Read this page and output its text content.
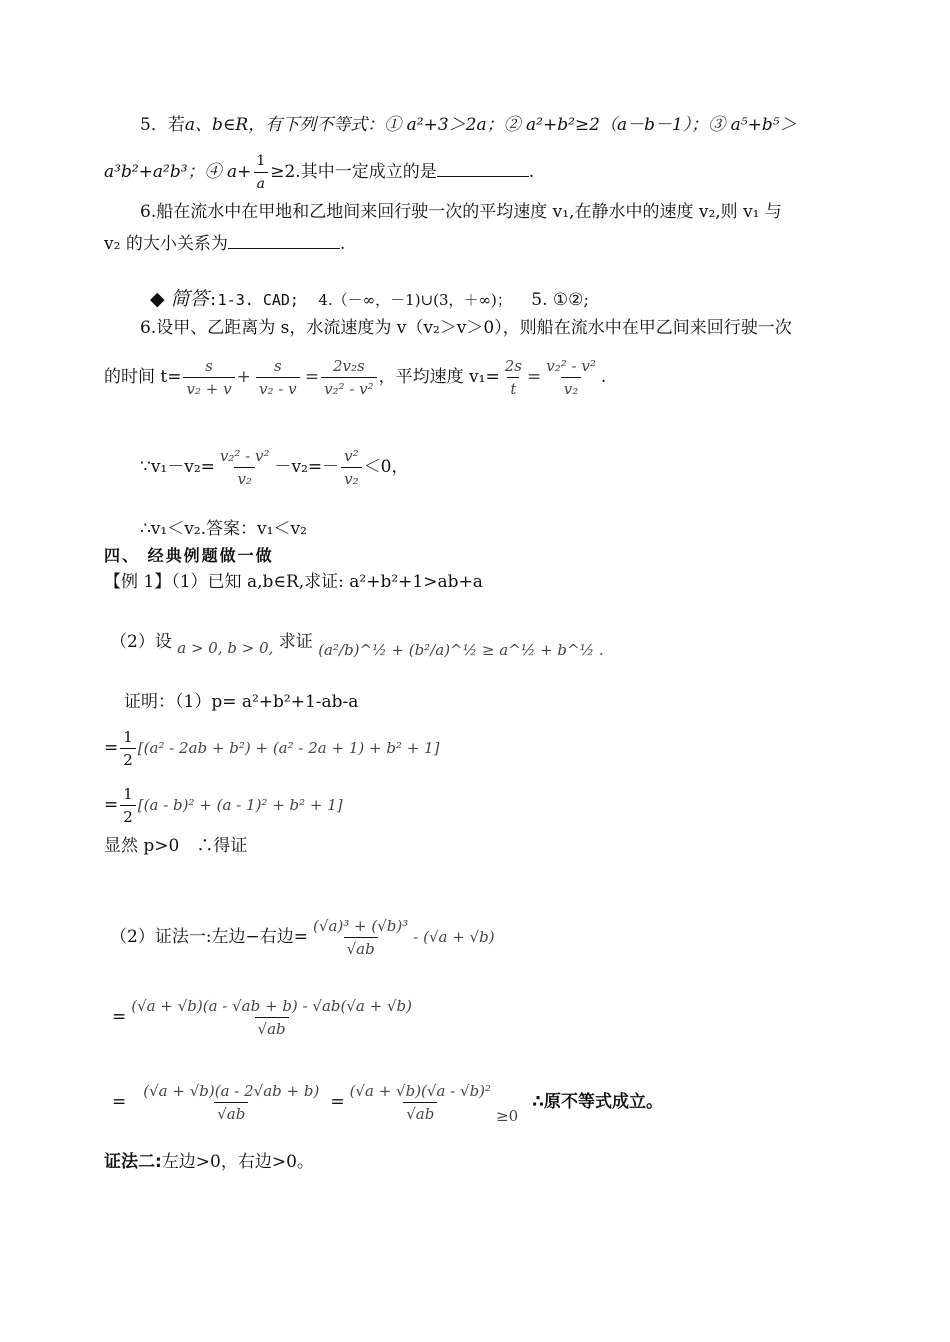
5．若a、b∈R，有下列不等式：① a²+3＞2a；② a²+b²≥2（a－b－1）；③ a⁵+b⁵＞
a³b²+a²b³；④ $a+ \frac{1}{a} \ge 2$.其中一定成立的是	.
6.船在流水中在甲地和乙地间来回行驶一次的平均速度 v₁,在静水中的速度 v₂,则 v₁ 与
v₂ 的大小关系为	.
◆ 简答:1-3. CAD; 4.（－∞，－1)∪(3，＋∞)； 5. ①②;
6.设甲、乙距离为 s，水流速度为 v（v₂＞v＞0），则船在流水中在甲乙间来回行驶一次
的时间 $t= \frac{s}{\text{v₂ + v}} + \frac{s}{\text{v₂ - v}} = \frac{\text{2v₂s}}{\text{v₂² - v²}}$ ，平均速度 $v_1= \frac{2s}{t} = \frac{\text{v₂² - v²}}{\text{v₂}}$ .
∵v₁－v₂= $\frac{\text{v₂² - v²}}{\text{v₂}} -v_2=- \frac{\text{v²}}{\text{v₂}} <0$，
∴v₁＜v₂.答案：v₁＜v₂
四、 经典例题做一做
【例 1】（1）已知 a,b∈R,求证: a²+b²+1>ab+a
（2）设 a > 0, b > 0, 求证 (a²/b)^½ + (b²/a)^½ ≥ a^½ + b^½ .
证明：（1）p= a²+b²+1-ab-a
= $\frac{1}{2} [(a^2 - 2ab + b^2) + (a^2 - 2a + 1) + b^2 + 1]$
= $\frac{1}{2} [(a - b)^2 + (a - 1)^2 + b^2 + 1]$
显然 p>0　∴得证
（2）证法一:左边−右边= $\frac{\text{(√a)³ + (√b)³}}{√ab} - (√a + √b)$
= $\frac{(√a + √b)(a - √ab + b) - √ab(√a + √b)}{√ab}$
= $\frac{(√a + √b)(a - 2√ab + b)}{√ab} = \frac{\text{(√a + √b)(√a - √b)²}}{√ab}$ ≥0∴原不等式成立。
证法二:左边>0，右边>0。
